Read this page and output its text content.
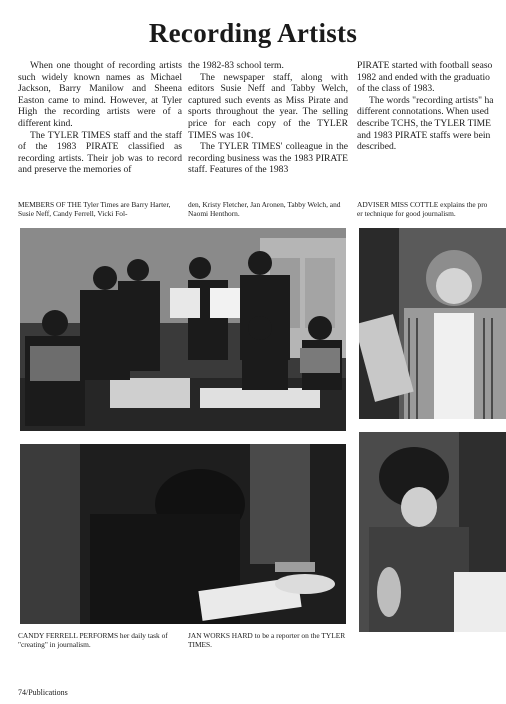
Recording Artists

When one thought of recording artists such widely known names as Michael Jackson, Barry Manilow and Sheena Easton came to mind. However, at Tyler High the recording artists were of a different kind.

The TYLER TIMES staff and the staff of the 1983 PIRATE classified as recording artists. Their job was to record and preserve the memories of

the 1982-83 school term.

The newspaper staff, along with editors Susie Neff and Tabby Welch, captured such events as Miss Pirate and sports throughout the year. The selling price for each copy of the TYLER TIMES was 10¢.

The TYLER TIMES' colleague in the recording business was the 1983 PIRATE staff. Features of the 1983

PIRATE started with football seaso
1982 and ended with the graduatio
of the class of 1983.
The words "recording artists" ha
different connotations. When used
describe TCHS, the TYLER TIME
and 1983 PIRATE staffs were bein
described.
MEMBERS OF THE Tyler Times are Barry Harter, Susie Neff, Candy Ferrell, Vicki Fol-
den, Kristy Fletcher, Jan Aronen, Tabby Welch, and Naomi Henthorn.
ADVISER MISS COTTLE explains the pro
er technique for good journalism.
CANDY FERRELL PERFORMS her daily task of "creating" in journalism.
JAN WORKS HARD to be a reporter on the TYLER TIMES.
74/Publications
